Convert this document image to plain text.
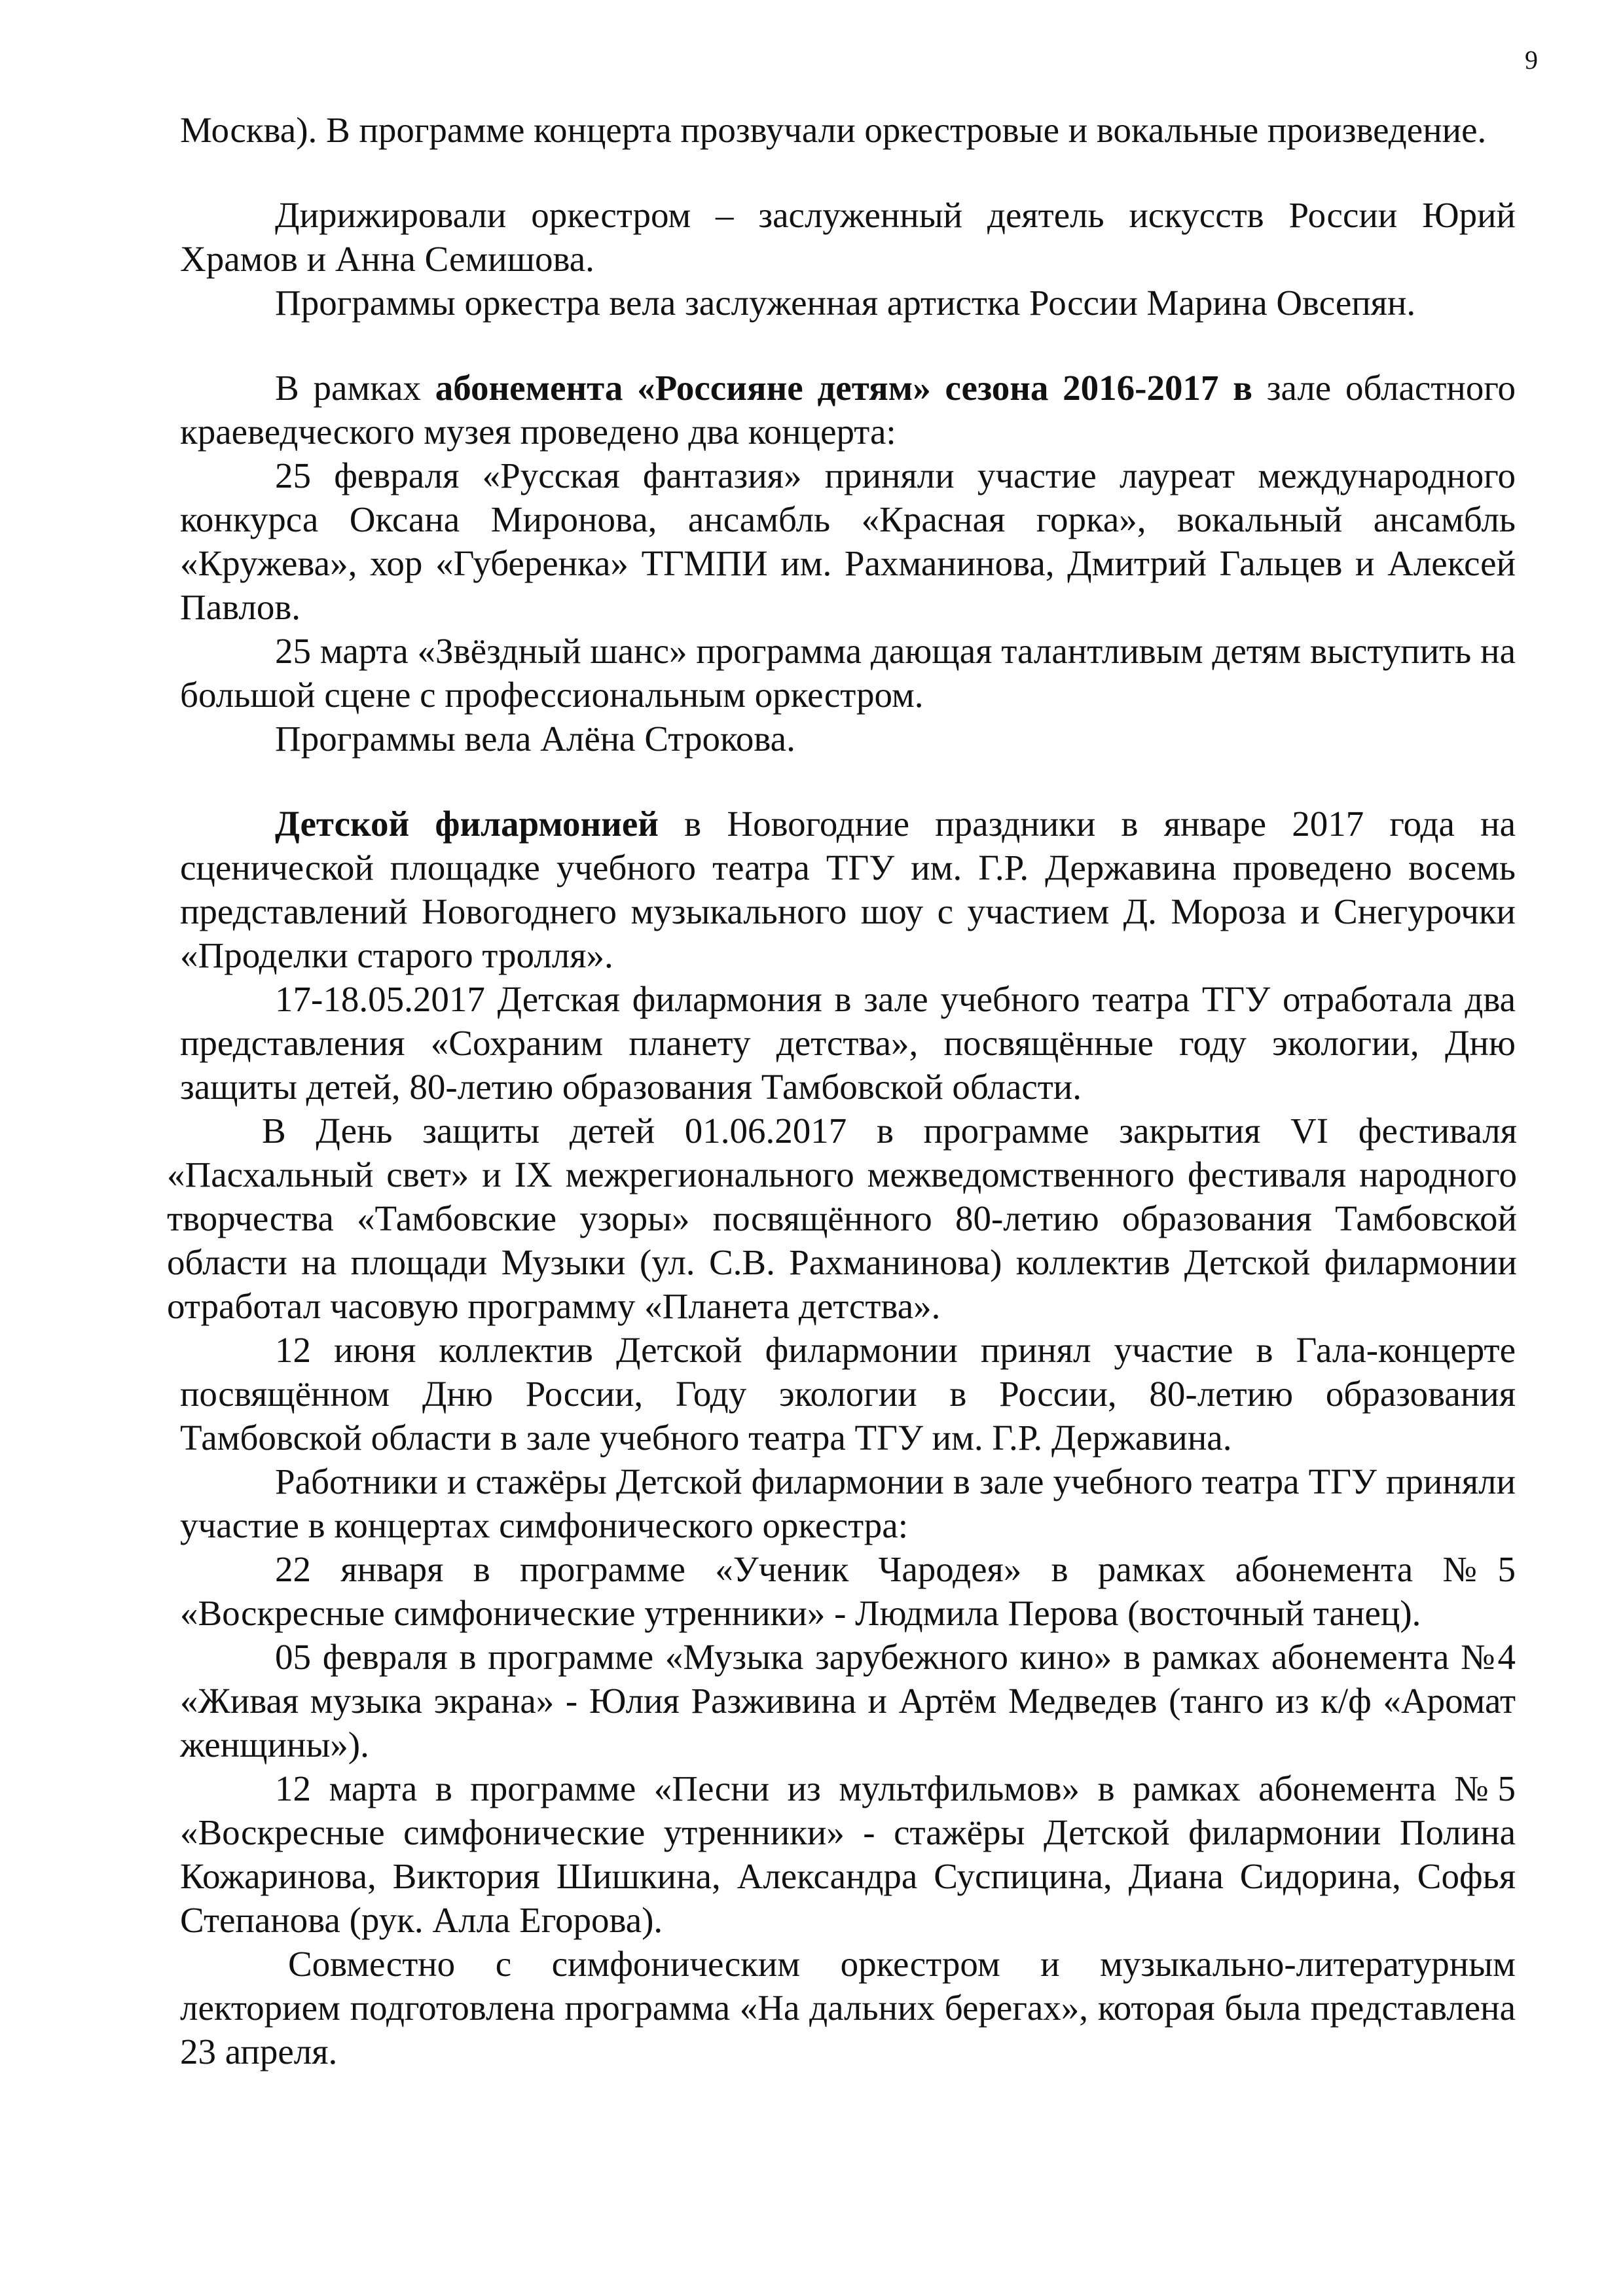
9

Москва). В программе концерта прозвучали оркестровые и вокальные произведение.

Дирижировали оркестром – заслуженный деятель искусств России Юрий Храмов и Анна Семишова.

Программы оркестра вела заслуженная артистка России Марина Овсепян.

В рамках абонемента «Россияне детям» сезона 2016-2017 в зале областного краеведческого музея проведено два концерта:

25 февраля «Русская фантазия» приняли участие лауреат международного конкурса Оксана Миронова, ансамбль «Красная горка», вокальный ансамбль «Кружева», хор «Губеренка» ТГМПИ им. Рахманинова, Дмитрий Гальцев и Алексей Павлов.

25 марта «Звёздный шанс» программа дающая талантливым детям выступить на большой сцене с профессиональным оркестром.

Программы вела Алёна Строкова.

Детской филармонией в Новогодние праздники в январе 2017 года на сценической площадке учебного театра ТГУ им. Г.Р. Державина проведено восемь представлений Новогоднего музыкального шоу с участием Д. Мороза и Снегурочки «Проделки старого тролля».

17-18.05.2017 Детская филармония в зале учебного театра ТГУ отработала два представления «Сохраним планету детства», посвящённые году экологии, Дню защиты детей, 80-летию образования Тамбовской области.

В День защиты детей 01.06.2017 в программе закрытия VI фестиваля «Пасхальный свет» и IX межрегионального межведомственного фестиваля народного творчества «Тамбовские узоры» посвящённого 80-летию образования Тамбовской области на площади Музыки (ул. С.В. Рахманинова) коллектив Детской филармонии отработал часовую программу «Планета детства».

12 июня коллектив Детской филармонии принял участие в Гала-концерте посвящённом Дню России, Году экологии в России, 80-летию образования Тамбовской области в зале учебного театра ТГУ им. Г.Р. Державина.

Работники и стажёры Детской филармонии в зале учебного театра ТГУ приняли участие в концертах симфонического оркестра:

22 января в программе «Ученик Чародея» в рамках абонемента №5 «Воскресные симфонические утренники» - Людмила Перова (восточный танец).

05 февраля в программе «Музыка зарубежного кино» в рамках абонемента №4 «Живая музыка экрана» - Юлия Разживина и Артём Медведев (танго из к/ф «Аромат женщины»).

12 марта в программе «Песни из мультфильмов» в рамках абонемента №5 «Воскресные симфонические утренники» - стажёры Детской филармонии Полина Кожаринова, Виктория Шишкина, Александра Суспицина, Диана Сидорина, Софья Степанова (рук. Алла Егорова).

Совместно с симфоническим оркестром и музыкально-литературным лекторием подготовлена программа «На дальних берегах», которая была представлена 23 апреля.
